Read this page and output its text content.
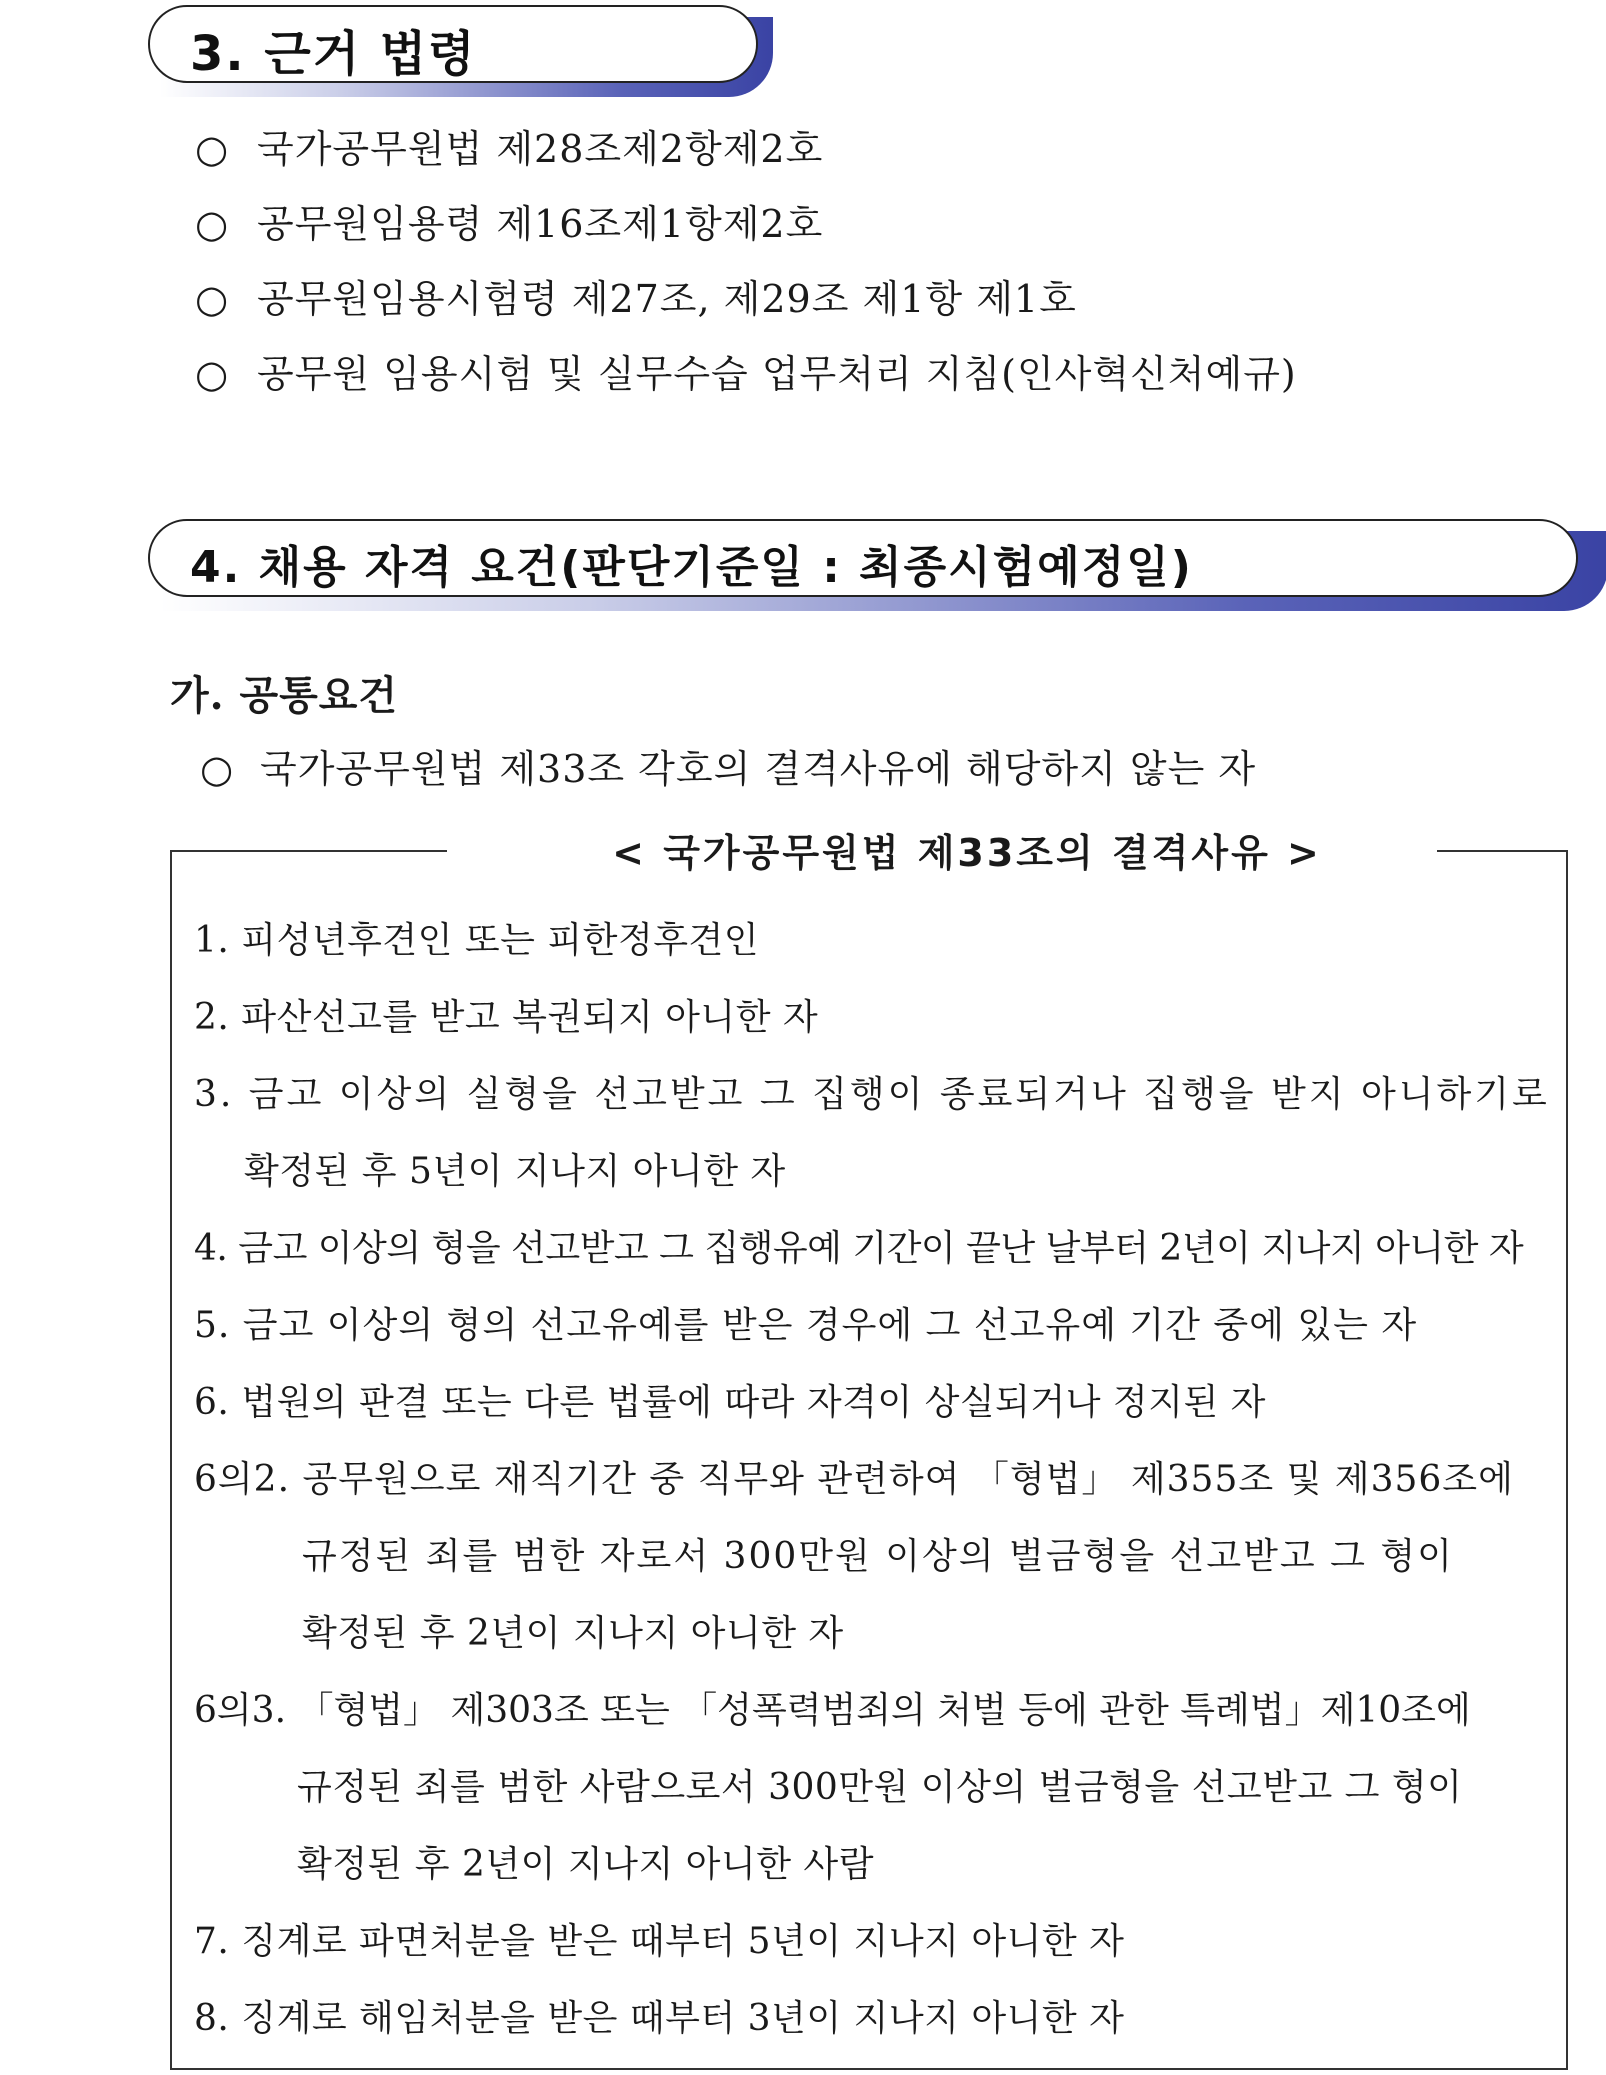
3. 근거 법령
○ 국가공무원법 제28조제2항제2호
○ 공무원임용령 제16조제1항제2호
○ 공무원임용시험령 제27조, 제29조 제1항 제1호
○ 공무원 임용시험 및 실무수습 업무처리 지침(인사혁신처예규)
4. 채용 자격 요건(판단기준일 : 최종시험예정일)
가. 공통요건
○ 국가공무원법 제33조 각호의 결격사유에 해당하지 않는 자
< 국가공무원법 제33조의 결격사유 >
1. 피성년후견인 또는 피한정후견인
2. 파산선고를 받고 복권되지 아니한 자
3. 금고 이상의 실형을 선고받고 그 집행이 종료되거나 집행을 받지 아니하기로
확정된 후 5년이 지나지 아니한 자
4. 금고 이상의 형을 선고받고 그 집행유예 기간이 끝난 날부터 2년이 지나지 아니한 자
5. 금고 이상의 형의 선고유예를 받은 경우에 그 선고유예 기간 중에 있는 자
6. 법원의 판결 또는 다른 법률에 따라 자격이 상실되거나 정지된 자
6의2. 공무원으로 재직기간 중 직무와 관련하여 「형법」 제355조 및 제356조에
규정된 죄를 범한 자로서 300만원 이상의 벌금형을 선고받고 그 형이
확정된 후 2년이 지나지 아니한 자
6의3. 「형법」 제303조 또는 「성폭력범죄의 처벌 등에 관한 특례법」제10조에
규정된 죄를 범한 사람으로서 300만원 이상의 벌금형을 선고받고 그 형이
확정된 후 2년이 지나지 아니한 사람
7. 징계로 파면처분을 받은 때부터 5년이 지나지 아니한 자
8. 징계로 해임처분을 받은 때부터 3년이 지나지 아니한 자
